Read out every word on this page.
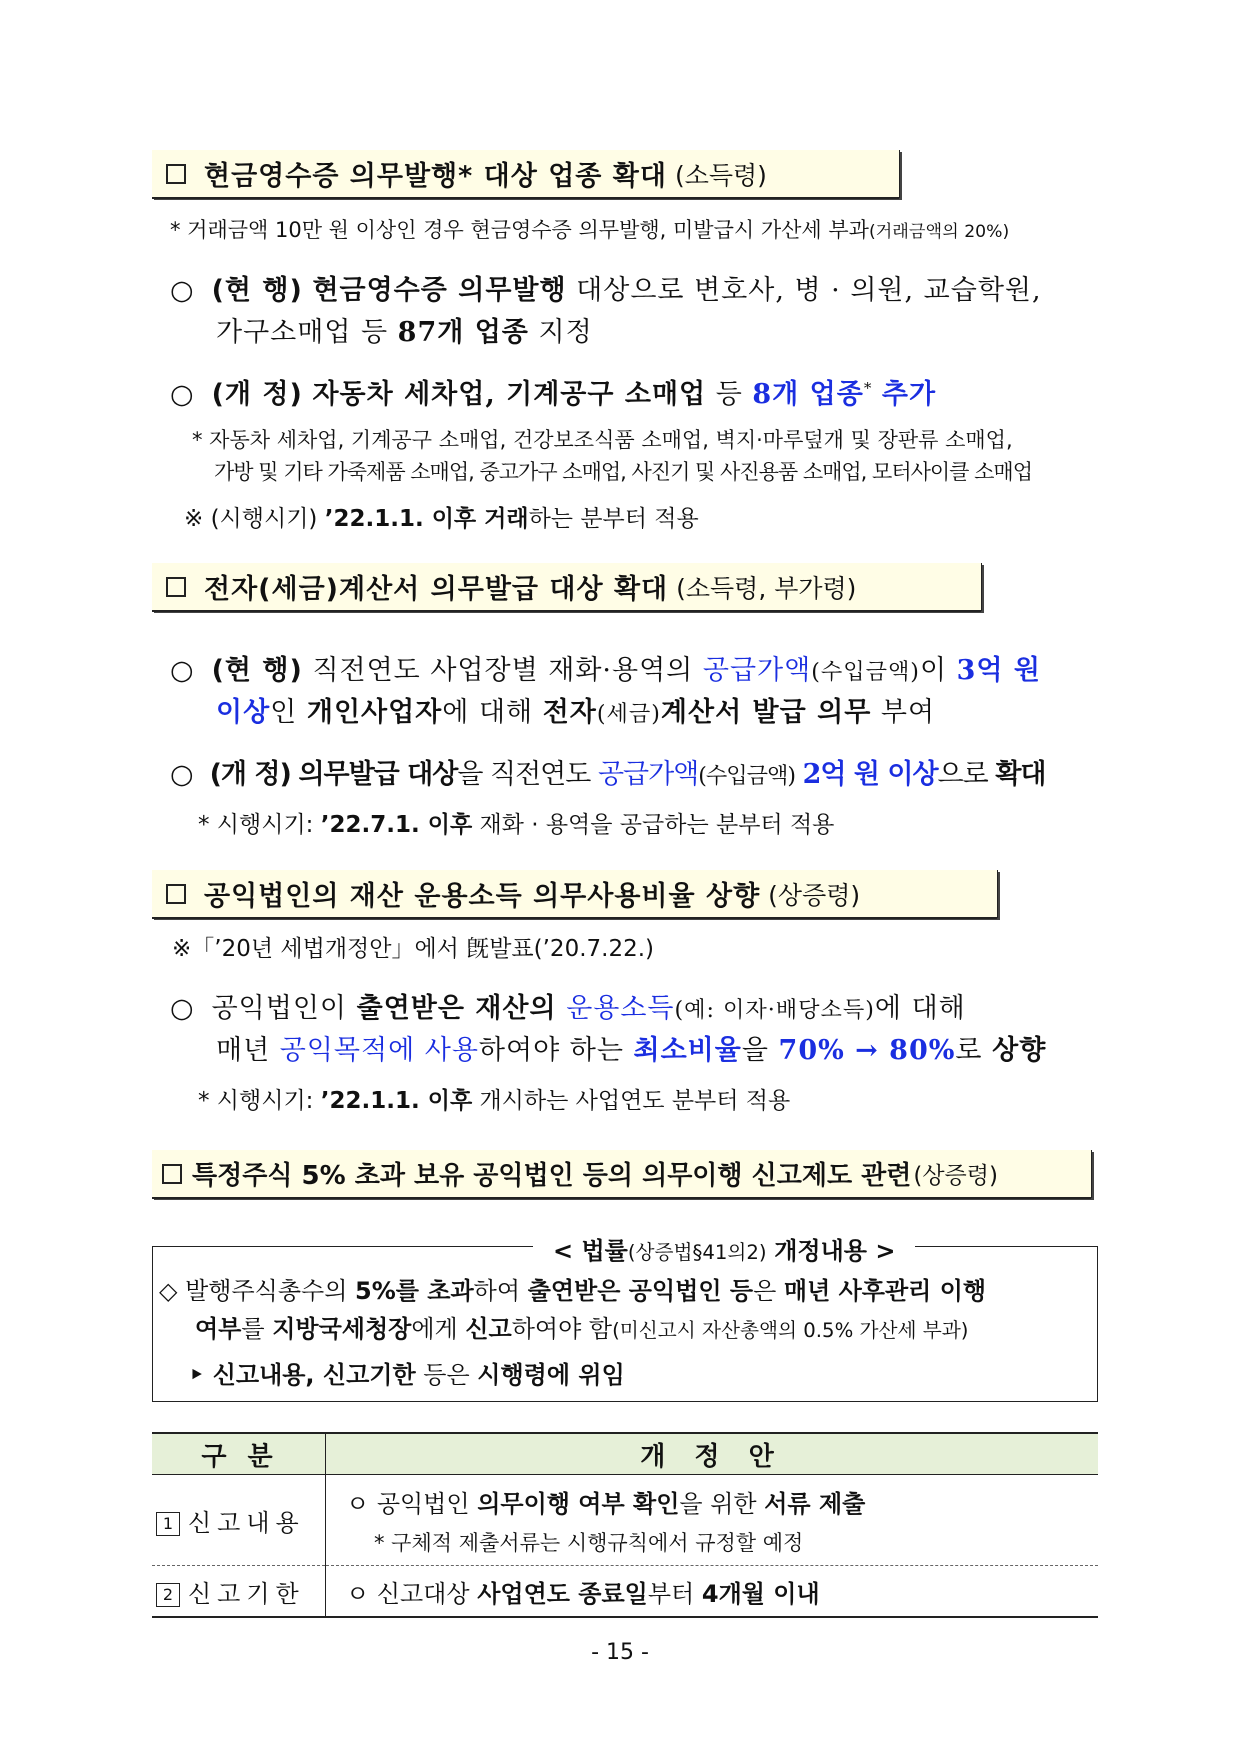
현금영수증 의무발행* 대상 업종 확대 (소득령)
* 거래금액 10만 원 이상인 경우 현금영수증 의무발행, 미발급시 가산세 부과(거래금액의 20%)
○ (현 행) 현금영수증 의무발행 대상으로 변호사, 병 · 의원, 교습학원,
가구소매업 등 87개 업종 지정
○ (개 정) 자동차 세차업, 기계공구 소매업 등 8개 업종* 추가
* 자동차 세차업, 기계공구 소매업, 건강보조식품 소매업, 벽지·마루덮개 및 장판류 소매업,
가방 및 기타 가죽제품 소매업, 중고가구 소매업, 사진기 및 사진용품 소매업, 모터사이클 소매업
※ (시행시기) ’22.1.1. 이후 거래하는 분부터 적용
전자(세금)계산서 의무발급 대상 확대 (소득령, 부가령)
○ (현 행) 직전연도 사업장별 재화·용역의 공급가액(수입금액)이 3억 원
이상인 개인사업자에 대해 전자(세금)계산서 발급 의무 부여
○ (개 정) 의무발급 대상을 직전연도 공급가액(수입금액) 2억 원 이상으로 확대
* 시행시기: ’22.7.1. 이후 재화 · 용역을 공급하는 분부터 적용
공익법인의 재산 운용소득 의무사용비율 상향 (상증령)
※「’20년 세법개정안」에서 旣발표(’20.7.22.)
○ 공익법인이 출연받은 재산의 운용소득(예: 이자·배당소득)에 대해
매년 공익목적에 사용하여야 하는 최소비율을 70% → 80%로 상향
* 시행시기: ’22.1.1. 이후 개시하는 사업연도 분부터 적용
특정주식 5% 초과 보유 공익법인 등의 의무이행 신고제도 관련 (상증령)
< 법률(상증법§41의2) 개정내용 >
◇ 발행주식총수의 5%를 초과하여 출연받은 공익법인 등은 매년 사후관리 이행
여부를 지방국세청장에게 신고하여야 함(미신고시 자산총액의 0.5% 가산세 부과)
‣ 신고내용, 신고기한 등은 시행령에 위임
구 분	개 정 안
1 신고내용	ㅇ 공익법인 의무이행 여부 확인을 위한 서류 제출
* 구체적 제출서류는 시행규칙에서 규정할 예정

2 신고기한	ㅇ 신고대상 사업연도 종료일부터 4개월 이내
- 15 -
